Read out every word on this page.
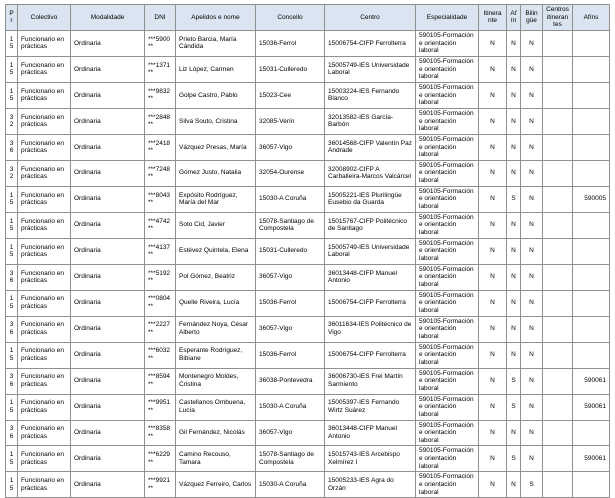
Pr	Colectivo	Modalidade	DNI	Apelidos e nome	Concello	Centro	Especialidade	Itinerante	Afín	Bilingüe	Centros itinerantes	Afíns
15	Funcionario en prácticas	Ordinaria	***5900**	Prieto Barcia, María Cándida	15036-Ferrol	15006754-CIFP Ferrolterra	590105-Formación e orientación laboral	N	N	N		
15	Funcionario en prácticas	Ordinaria	***1371**	Liz López, Carmen	15031-Culleredo	15005749-IES Universidade Laboral	590105-Formación e orientación laboral	N	N	N		
15	Funcionario en prácticas	Ordinaria	***9832**	Golpe Castro, Pablo	15023-Cee	15003224-IES Fernando Blanco	590105-Formación e orientación laboral	N	N	N		
32	Funcionario en prácticas	Ordinaria	***2848**	Silva Souto, Cristina	32085-Verín	32013582-IES García-Barbón	590105-Formación e orientación laboral	N	N	N		
36	Funcionario en prácticas	Ordinaria	***2418**	Vázquez Presas, María	36057-Vigo	36014568-CIFP Valentín Paz Andrade	590105-Formación e orientación laboral	N	N	N		
32	Funcionario en prácticas	Ordinaria	***7248**	Gómez Justo, Natalia	32054-Ourense	32008902-CIFP A Carballeira-Marcos Valcárcel	590105-Formación e orientación laboral	N	N	N		
15	Funcionario en prácticas	Ordinaria	***8043**	Expósito Rodríguez, María del Mar	15030-A Coruña	15005221-IES Plurilingüe Eusebio da Guarda	590105-Formación e orientación laboral	N	S	N		590005
15	Funcionario en prácticas	Ordinaria	***4742**	Soto Cid, Javier	15078-Santiago de Compostela	15015767-CIFP Politécnico de Santiago	590105-Formación e orientación laboral	N	N	N		
15	Funcionario en prácticas	Ordinaria	***4137**	Estévez Quintela, Elena	15031-Culleredo	15005749-IES Universidade Laboral	590105-Formación e orientación laboral	N	N	N		
36	Funcionario en prácticas	Ordinaria	***5192**	Pol Gómez, Beatriz	36057-Vigo	36013448-CIFP Manuel Antonio	590105-Formación e orientación laboral	N	N	N		
15	Funcionario en prácticas	Ordinaria	***0804**	Quelle Riveira, Lucía	15036-Ferrol	15006754-CIFP Ferrolterra	590105-Formación e orientación laboral	N	N	N		
36	Funcionario en prácticas	Ordinaria	***2227**	Fernández Noya, César Alberto	36057-Vigo	36011634-IES Politécnico de Vigo	590105-Formación e orientación laboral	N	N	N		
15	Funcionario en prácticas	Ordinaria	***6032**	Esperante Rodríguez, Bibiane	15036-Ferrol	15006754-CIFP Ferrolterra	590105-Formación e orientación laboral	N	N	N		
36	Funcionario en prácticas	Ordinaria	***8594**	Montenegro Moldes, Cristina	36038-Pontevedra	36006730-IES Frei Martín Sarmiento	590105-Formación e orientación laboral	N	S	N		590061
15	Funcionario en prácticas	Ordinaria	***9951**	Castellanos Ombuena, Lucía	15030-A Coruña	15005397-IES Fernando Wirtz Suárez	590105-Formación e orientación laboral	N	S	N		590061
36	Funcionario en prácticas	Ordinaria	***8358**	Gil Fernández, Nicolás	36057-Vigo	36013448-CIFP Manuel Antonio	590105-Formación e orientación laboral	N	N	N		
15	Funcionario en prácticas	Ordinaria	***6229**	Camino Recouso, Tamara	15078-Santiago de Compostela	15015743-IES Arcebispo Xelmírez I	590105-Formación e orientación laboral	N	S	N		590061
15	Funcionario en prácticas	Ordinaria	***9921**	Vázquez Ferreiro, Carlos	15030-A Coruña	15005233-IES Agra do Orzán	590105-Formación e orientación laboral	N	N	S		
